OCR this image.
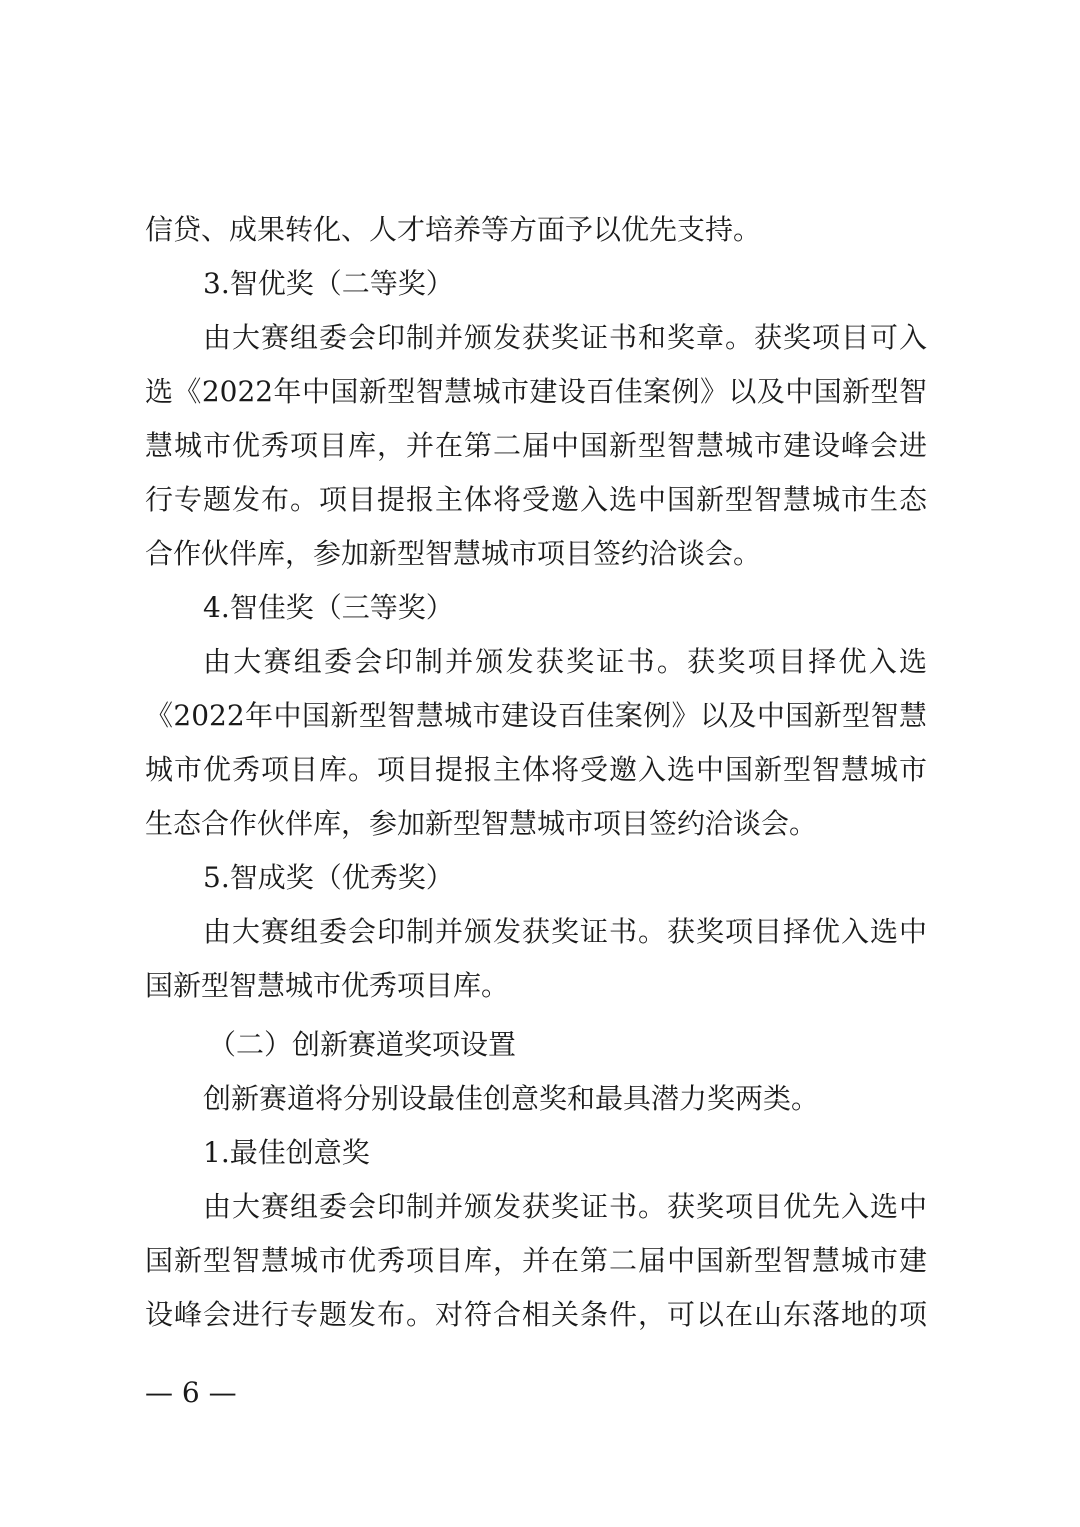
信贷、成果转化、人才培养等方面予以优先支持。
3.智优奖（二等奖）
由大赛组委会印制并颁发获奖证书和奖章。获奖项目可入
选《2022年中国新型智慧城市建设百佳案例》以及中国新型智
慧城市优秀项目库，并在第二届中国新型智慧城市建设峰会进
行专题发布。项目提报主体将受邀入选中国新型智慧城市生态
合作伙伴库，参加新型智慧城市项目签约洽谈会。
4.智佳奖（三等奖）
由大赛组委会印制并颁发获奖证书。获奖项目择优入选
《2022年中国新型智慧城市建设百佳案例》以及中国新型智慧
城市优秀项目库。项目提报主体将受邀入选中国新型智慧城市
生态合作伙伴库，参加新型智慧城市项目签约洽谈会。
5.智成奖（优秀奖）
由大赛组委会印制并颁发获奖证书。获奖项目择优入选中
国新型智慧城市优秀项目库。
（二）创新赛道奖项设置
创新赛道将分别设最佳创意奖和最具潜力奖两类。
1.最佳创意奖
由大赛组委会印制并颁发获奖证书。获奖项目优先入选中
国新型智慧城市优秀项目库，并在第二届中国新型智慧城市建
设峰会进行专题发布。对符合相关条件，可以在山东落地的项
— 6 —
